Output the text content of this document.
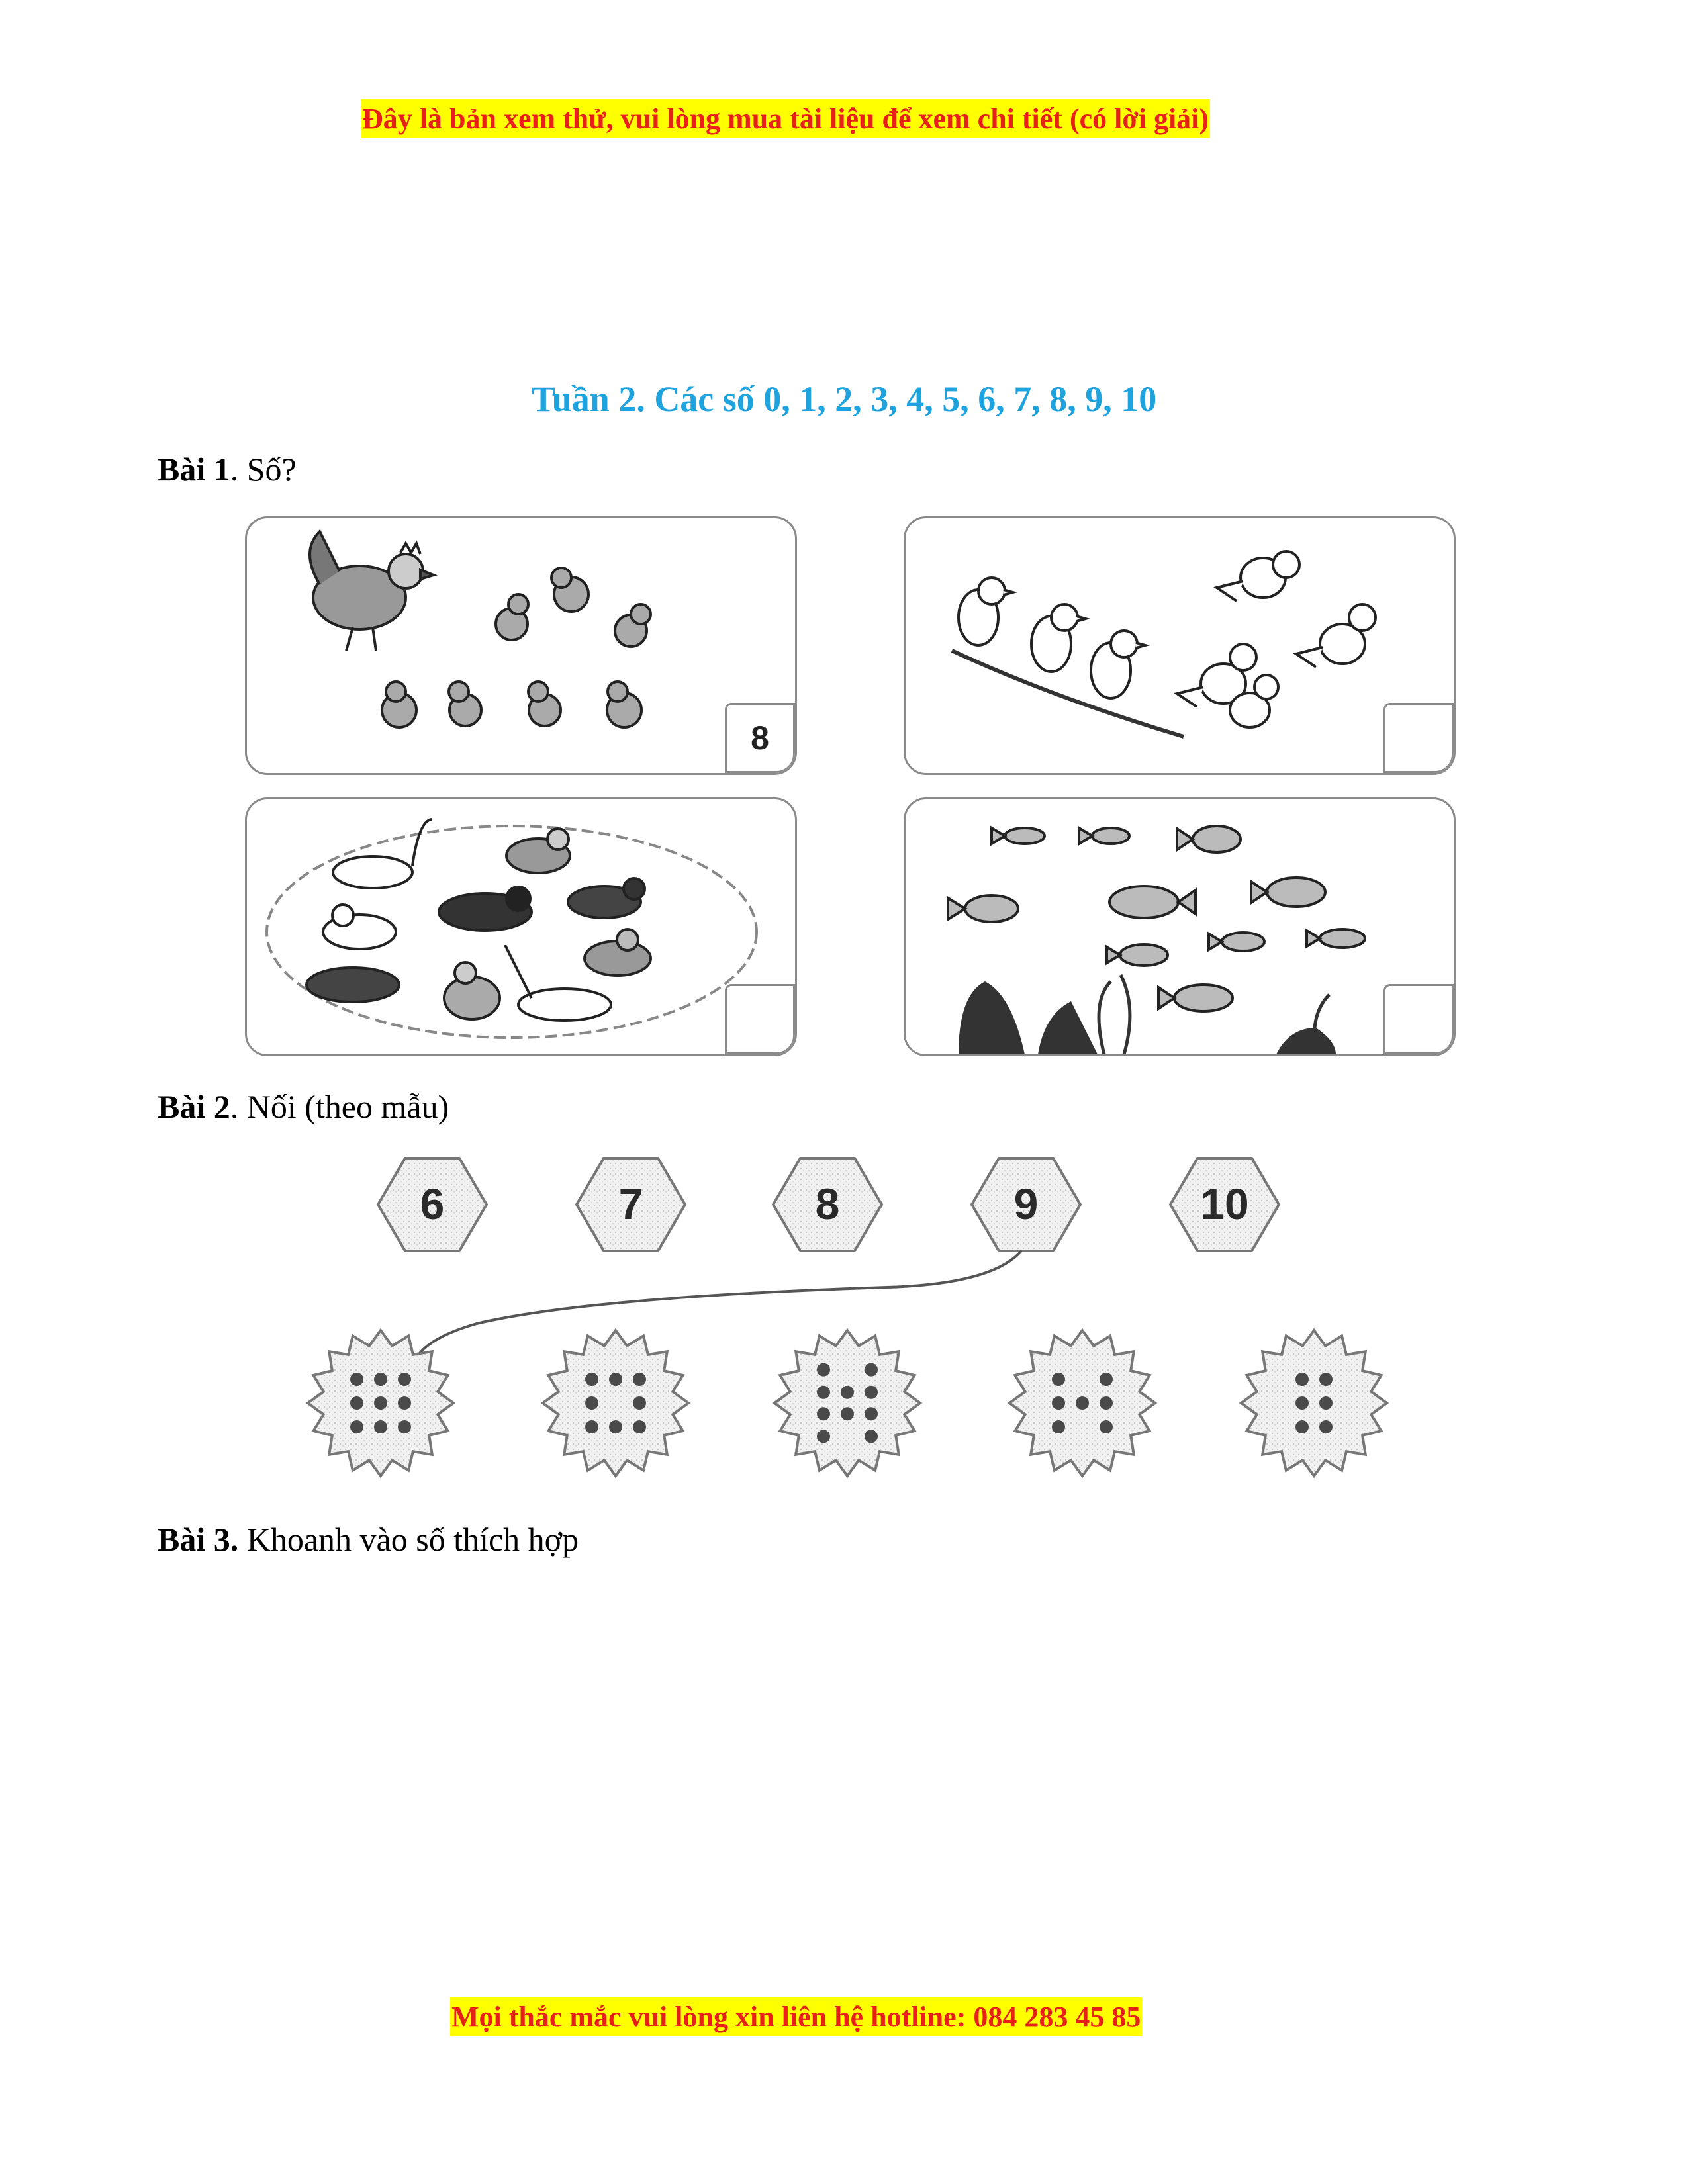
Đây là bản xem thử, vui lòng mua tài liệu để xem chi tiết (có lời giải)
Tuần 2. Các số 0, 1, 2, 3, 4, 5, 6, 7, 8, 9, 10
Bài 1. Số?
8
Bài 2. Nối (theo mẫu)
6	7	8	9	10
Bài 3. Khoanh vào số thích hợp
Mọi thắc mắc vui lòng xin liên hệ hotline: 084 283 45 85
